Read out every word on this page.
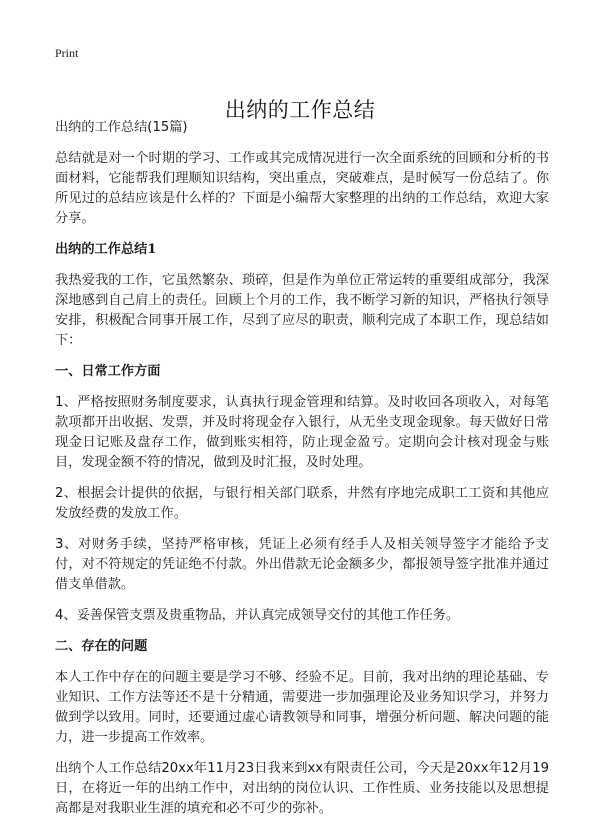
Print
出纳的工作总结
出纳的工作总结(15篇)

总结就是对一个时期的学习、工作或其完成情况进行一次全面系统的回顾和分析的书面材料，它能帮我们理顺知识结构，突出重点，突破难点，是时候写一份总结了。你所见过的总结应该是什么样的？下面是小编帮大家整理的出纳的工作总结，欢迎大家分享。

出纳的工作总结1

我热爱我的工作，它虽然繁杂、琐碎，但是作为单位正常运转的重要组成部分，我深深地感到自己肩上的责任。回顾上个月的工作，我不断学习新的知识，严格执行领导安排，积极配合同事开展工作，尽到了应尽的职责，顺利完成了本职工作，现总结如下：

一、日常工作方面

1、严格按照财务制度要求，认真执行现金管理和结算。及时收回各项收入，对每笔款项都开出收据、发票，并及时将现金存入银行，从无坐支现金现象。每天做好日常现金日记账及盘存工作，做到账实相符，防止现金盈亏。定期向会计核对现金与账目，发现金额不符的情况，做到及时汇报，及时处理。

2、根据会计提供的依据，与银行相关部门联系，井然有序地完成职工工资和其他应发放经费的发放工作。

3、对财务手续，坚持严格审核，凭证上必须有经手人及相关领导签字才能给予支付，对不符规定的凭证绝不付款。外出借款无论金额多少，都报领导签字批准并通过借支单借款。

4、妥善保管支票及贵重物品，并认真完成领导交付的其他工作任务。

二、存在的问题

本人工作中存在的问题主要是学习不够、经验不足。目前，我对出纳的理论基础、专业知识、工作方法等还不是十分精通，需要进一步加强理论及业务知识学习，并努力做到学以致用。同时，还要通过虚心请教领导和同事，增强分析问题、解决问题的能力，进一步提高工作效率。

出纳个人工作总结20xx年11月23日我来到xx有限责任公司，今天是20xx年12月19日，在将近一年的出纳工作中，对出纳的岗位认识、工作性质、业务技能以及思想提高都是对我职业生涯的填充和必不可少的弥补。
